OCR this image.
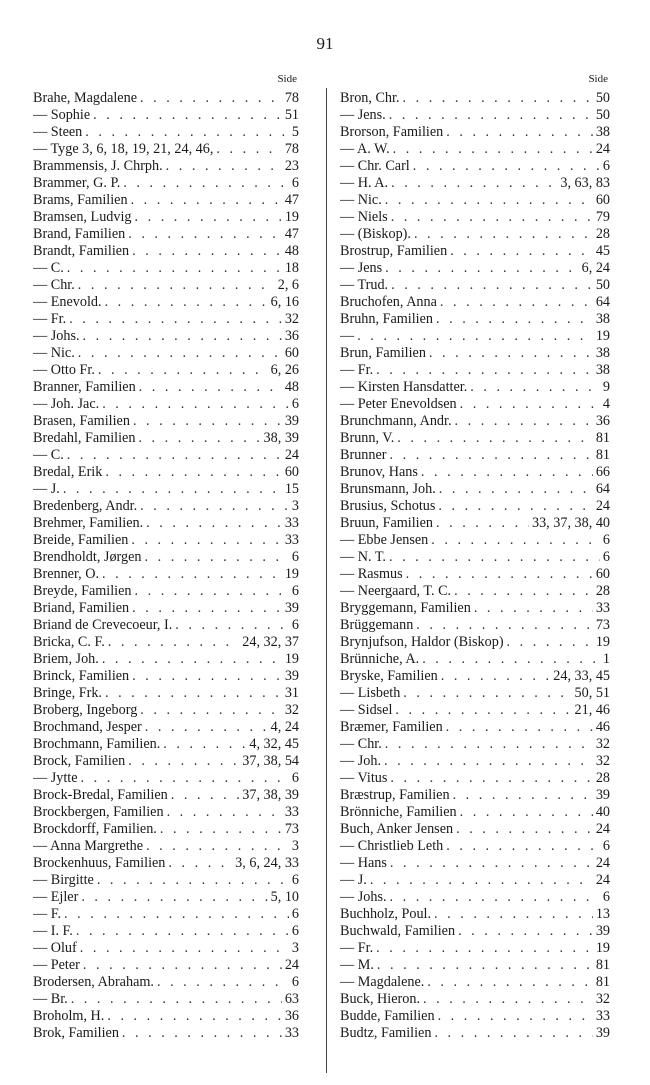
91
Side
Brahe, Magdalene . . .	78
— Sophie . . .	51
— Steen . . .	5
— Tyge 3, 6, 18, 19, 21, 24, 46, . . .	78
Brammensis, J. Chrph. . . .	23
Brammer, G. P. . . .	6
Brams, Familien . . .	47
Bramsen, Ludvig . . .	19
Brand, Familien . . .	47
Brandt, Familien . . .	48
— C. . . .	18
— Chr. . . .	2, 6
— Enevold. . . .	6, 16
— Fr. . . .	32
— Johs. . . .	36
— Nic. . . .	60
— Otto Fr. . . .	6, 26
Branner, Familien . . .	48
— Joh. Jac. . . .	6
Brasen, Familien . . .	39
Bredahl, Familien . . .	38, 39
— C. . . .	24
Bredal, Erik . . .	60
— J. . . .	15
Bredenberg, Andr. . . .	3
Brehmer, Familien. . . .	33
Breide, Familien . . .	33
Brendholdt, Jørgen . . .	6
Brenner, O. . . .	19
Breyde, Familien . . .	6
Briand, Familien . . .	39
Briand de Crevecoeur, I. . . .	6
Bricka, C. F. . . .	24, 32, 37
Briem, Joh. . . .	19
Brinck, Familien . . .	39
Bringe, Frk. . . .	31
Broberg, Ingeborg . . .	32
Brochmand, Jesper . . .	4, 24
Brochmann, Familien. . . .	4, 32, 45
Brock, Familien . . .	37, 38, 54
— Jytte . . .	6
Brock-Bredal, Familien . . .	37, 38, 39
Brockbergen, Familien . . .	33
Brockdorff, Familien. . . .	73
— Anna Margrethe . . .	3
Brockenhuus, Familien . . .	3, 6, 24, 33
— Birgitte . . .	6
— Ejler . . .	5, 10
— F. . . .	6
— I. F. . . .	6
— Oluf . . .	3
— Peter . . .	24
Brodersen, Abraham. . . .	6
— Br. . . .	63
Broholm, H. . . .	36
Brok, Familien . . .	33
Side
Bron, Chr. . . .	50
— Jens. . . .	50
Brorson, Familien . . .	38
— A. W. . . .	24
— Chr. Carl . . .	6
— H. A. . . .	3, 63, 83
— Nic. . . .	60
— Niels . . .	79
— (Biskop). . . .	28
Brostrup, Familien . . .	45
— Jens . . .	6, 24
— Trud. . . .	50
Bruchofen, Anna . . .	64
Bruhn, Familien . . .	38
— . . .	19
Brun, Familien . . .	38
— Fr. . . .	38
— Kirsten Hansdatter. . . .	9
— Peter Enevoldsen . . .	4
Brunchmann, Andr. . . .	36
Brunn, V. . . .	81
Brunner . . .	81
Brunov, Hans . . .	66
Brunsmann, Joh. . . .	64
Brusius, Schotus . . .	24
Bruun, Familien . . .	33, 37, 38, 40
— Ebbe Jensen . . .	6
— N. T. . . .	6
— Rasmus . . .	60
— Neergaard, T. C. . . .	28
Bryggemann, Familien . . .	33
Brüggemann . . .	73
Brynjufson, Haldor (Biskop) . . .	19
Brünniche, A. . . .	1
Bryske, Familien . . .	24, 33, 45
— Lisbeth . . .	50, 51
— Sidsel . . .	21, 46
Bræmer, Familien . . .	46
— Chr. . . .	32
— Joh. . . .	32
— Vitus . . .	28
Bræstrup, Familien . . .	39
Brönniche, Familien . . .	40
Buch, Anker Jensen . . .	24
— Christlieb Leth . . .	6
— Hans . . .	24
— J. . . .	24
— Johs. . . .	6
Buchholz, Poul. . . .	13
Buchwald, Familien . . .	39
— Fr. . . .	19
— M. . . .	81
— Magdalene. . . .	81
Buck, Hieron. . . .	32
Budde, Familien . . .	33
Budtz, Familien . . .	39
